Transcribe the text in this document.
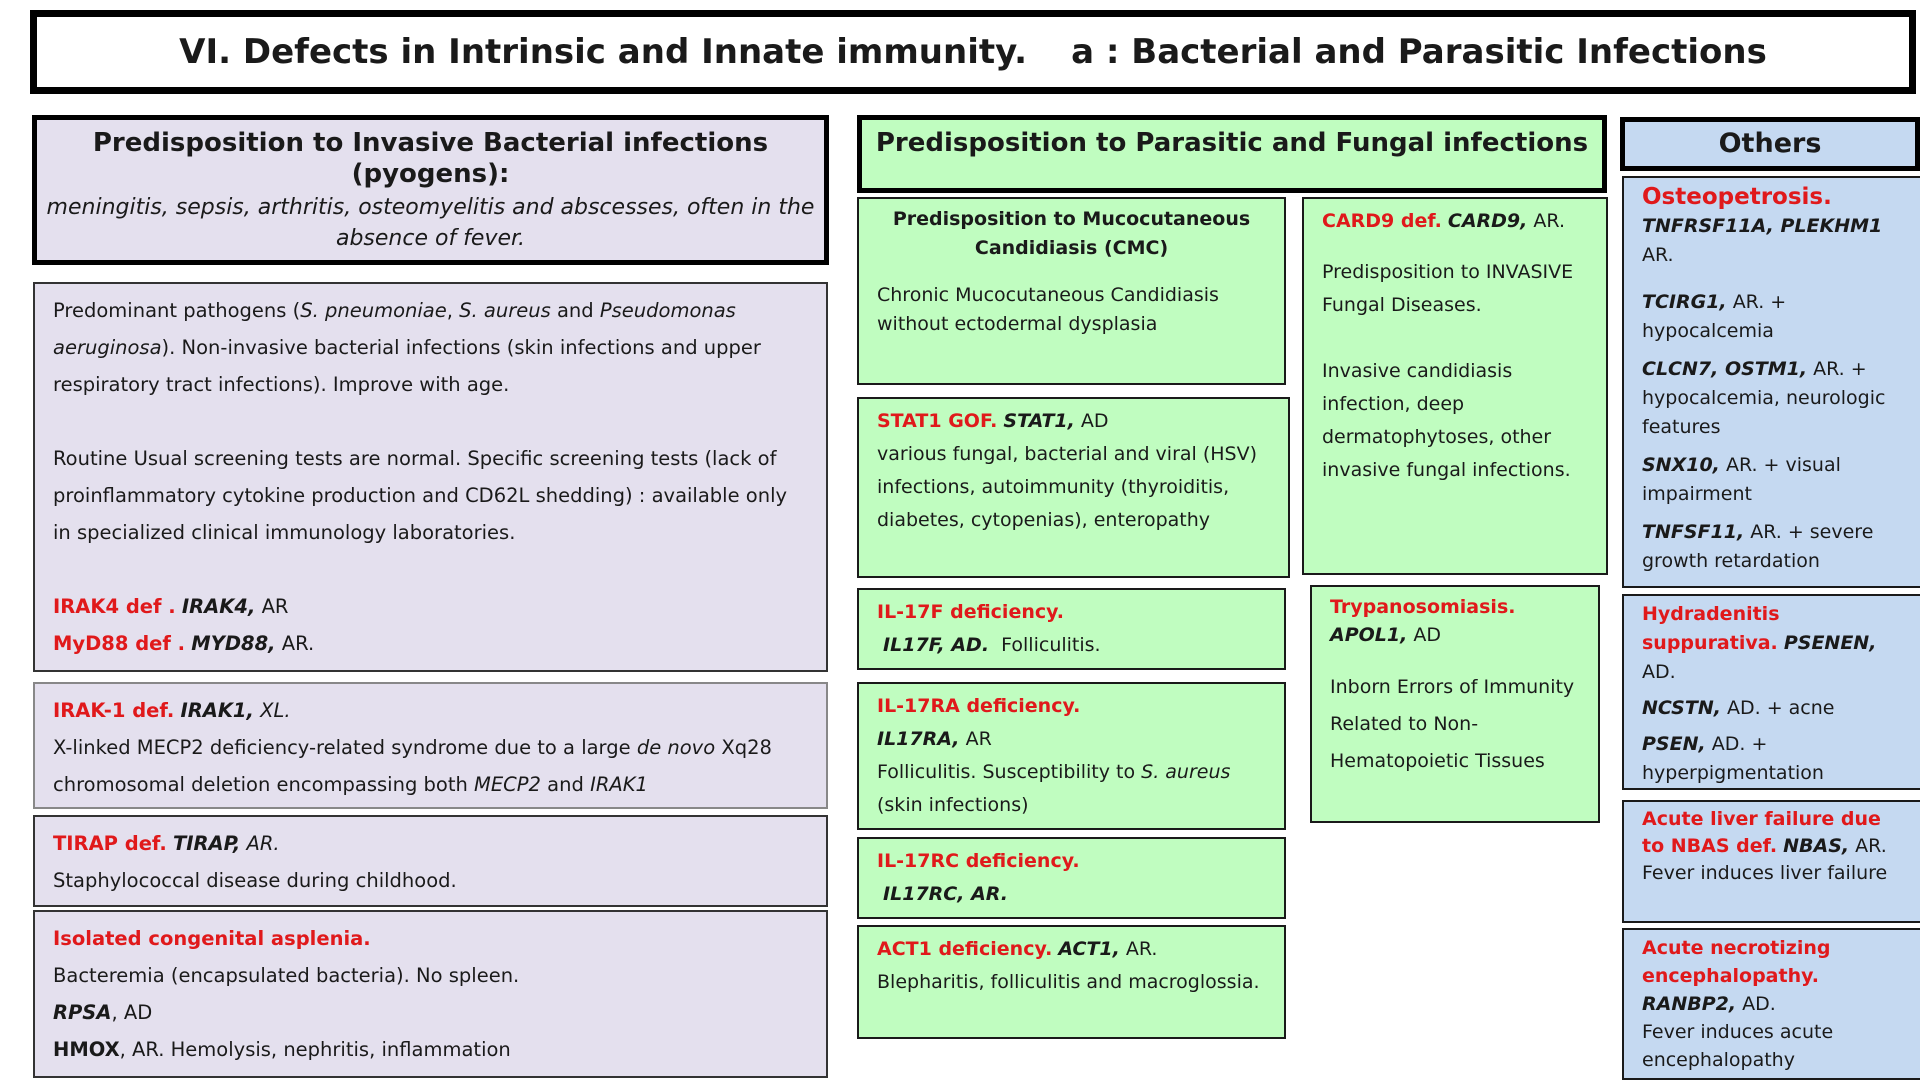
VI. Defects in Intrinsic and Innate immunity. a : Bacterial and Parasitic Infections

Predisposition to Invasive Bacterial infections (pyogens):

meningitis, sepsis, arthritis, osteomyelitis and abscesses, often in the absence of fever.

Predominant pathogens (S. pneumoniae, S. aureus and Pseudomonas aeruginosa). Non-invasive bacterial infections (skin infections and upper respiratory tract infections). Improve with age.

Routine Usual screening tests are normal. Specific screening tests (lack of proinflammatory cytokine production and CD62L shedding) : available only in specialized clinical immunology laboratories.

IRAK4 def . IRAK4, AR

MyD88 def . MYD88, AR.

IRAK-1 def. IRAK1, XL.

X-linked MECP2 deficiency-related syndrome due to a large de novo Xq28 chromosomal deletion encompassing both MECP2 and IRAK1

TIRAP def. TIRAP, AR.

Staphylococcal disease during childhood.

Isolated congenital asplenia.

Bacteremia (encapsulated bacteria). No spleen.

RPSA, AD

HMOX, AR. Hemolysis, nephritis, inflammation

Predisposition to Parasitic and Fungal infections

Predisposition to Mucocutaneous Candidiasis (CMC)

Chronic Mucocutaneous Candidiasis without ectodermal dysplasia

STAT1 GOF. STAT1, AD

various fungal, bacterial and viral (HSV) infections, autoimmunity (thyroiditis, diabetes, cytopenias), enteropathy

IL-17F deficiency.

IL17F, AD. Folliculitis.

IL-17RA deficiency.

IL17RA, AR

Folliculitis. Susceptibility to S. aureus (skin infections)

IL-17RC deficiency.

IL17RC, AR.

ACT1 deficiency. ACT1, AR.

Blepharitis, folliculitis and macroglossia.

CARD9 def. CARD9, AR.

Predisposition to INVASIVE Fungal Diseases.

Invasive candidiasis infection, deep dermatophytoses, other invasive fungal infections.

Trypanosomiasis.

APOL1, AD

Inborn Errors of Immunity Related to Non-Hematopoietic Tissues

Others

Osteopetrosis.

TNFRSF11A, PLEKHM1

AR.

TCIRG1, AR. + hypocalcemia

CLCN7, OSTM1, AR. + hypocalcemia, neurologic features

SNX10, AR. + visual impairment

TNFSF11, AR. + severe growth retardation

Hydradenitis suppurativa. PSENEN, AD.

NCSTN, AD. + acne

PSEN, AD. + hyperpigmentation

Acute liver failure due to NBAS def. NBAS, AR.

Fever induces liver failure

Acute necrotizing encephalopathy.

RANBP2, AD.

Fever induces acute encephalopathy
